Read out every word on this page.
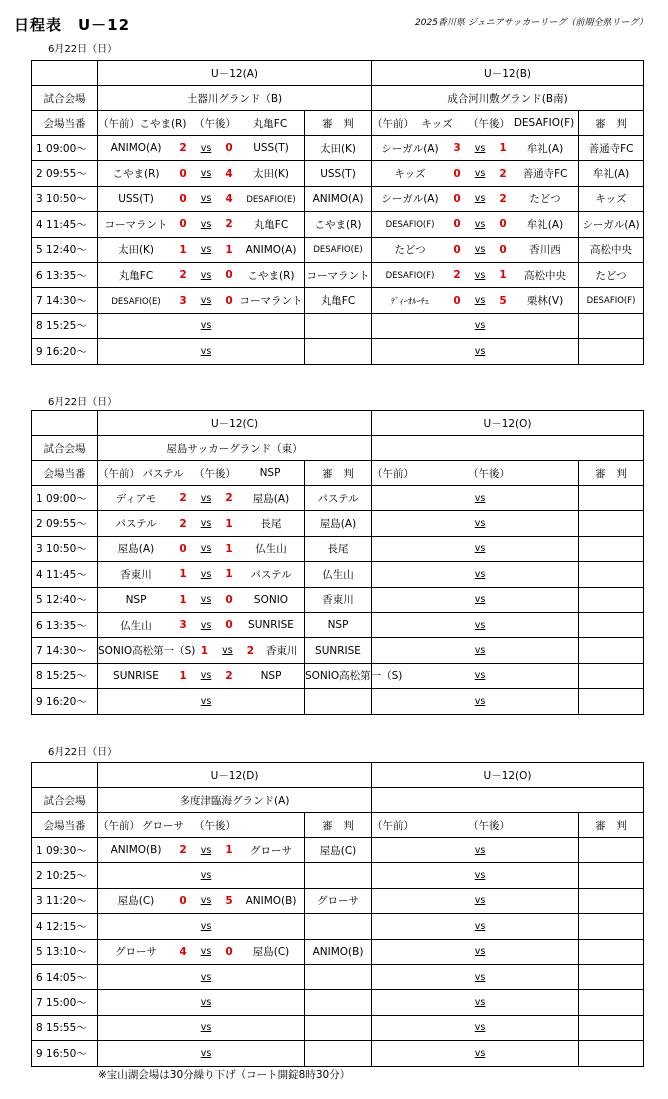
日程表　U－12	2025香川県 ジュニアサッカーリーグ（前期全県リーグ）
6月22日（日）
	U－12(A)		U－12(B)	
試合会場	土器川グランド（B)		成合河川敷グランド(B南)	
会場当番	（午前） こやま(R) （午後） 丸亀FC	審　判	（午前） キッズ （午後） DESAFIO(F)	審　判
1 09:00～	ANIMO(A) 2 vs 0 USS(T)	太田(K)	シーガル(A) 3 vs 1 牟礼(A)	善通寺FC
2 09:55～	こやま(R) 0 vs 4 太田(K)	USS(T)	キッズ 0 vs 2 善通寺FC	牟礼(A)
3 10:50～	USS(T) 0 vs 4 DESAFIO(E)	ANIMO(A)	シーガル(A) 0 vs 2 たどつ	キッズ
4 11:45～	コーマラント 0 vs 2 丸亀FC	こやま(R)	DESAFIO(F) 0 vs 0 牟礼(A)	シーガル(A)
5 12:40～	太田(K) 1 vs 1 ANIMO(A)	DESAFIO(E)	たどつ 0 vs 0 香川西	高松中央
6 13:35～	丸亀FC 2 vs 0 こやま(R)	コーマラント	DESAFIO(F) 2 vs 1 高松中央	たどつ
7 14:30～	DESAFIO(E) 3 vs 0 コーマラント	丸亀FC	ﾃﾞｨｰｵﾙｰﾁｪ 0 vs 5 栗林(V)	DESAFIO(F)
8 15:25～	vs		vs	

9 16:20～	vs		vs	

6月22日（日）
	U－12(C)		U－12(O)	
試合会場	屋島サッカーグランド（東）			
会場当番	（午前） パステル （午後） NSP	審　判	（午前） （午後）	審　判
1 09:00～	ディアモ 2 vs 2 屋島(A)	パステル	vs	

2 09:55～	パステル 2 vs 1 長尾	屋島(A)	vs	

3 10:50～	屋島(A) 0 vs 1 仏生山	長尾	vs	

4 11:45～	香東川 1 vs 1 パステル	仏生山	vs	

5 12:40～	NSP 1 vs 0 SONIO	香東川	vs	

6 13:35～	仏生山 3 vs 0 SUNRISE	NSP	vs	

7 14:30～	SONIO高松第一（S) 1 vs 2 香東川	SUNRISE	vs	

8 15:25～	SUNRISE 1 vs 2 NSP	SONIO高松第一（S)	vs	

9 16:20～	vs		vs	

6月22日（日）
	U－12(D)		U－12(O)	
試合会場	多度津臨海グランド(A)			
会場当番	（午前） グローサ （午後）	審　判	（午前） （午後）	審　判
1 09:30～	ANIMO(B) 2 vs 1 グローサ	屋島(C)	vs	

2 10:25～	vs		vs	

3 11:20～	屋島(C) 0 vs 5 ANIMO(B)	グローサ	vs	

4 12:15～	vs		vs	

5 13:10～	グローサ 4 vs 0 屋島(C)	ANIMO(B)	vs	

6 14:05～	vs		vs	

7 15:00～	vs		vs	

8 15:55～	vs		vs	

9 16:50～	vs		vs	

※宝山湖会場は30分繰り下げ（コート開錠8時30分）
